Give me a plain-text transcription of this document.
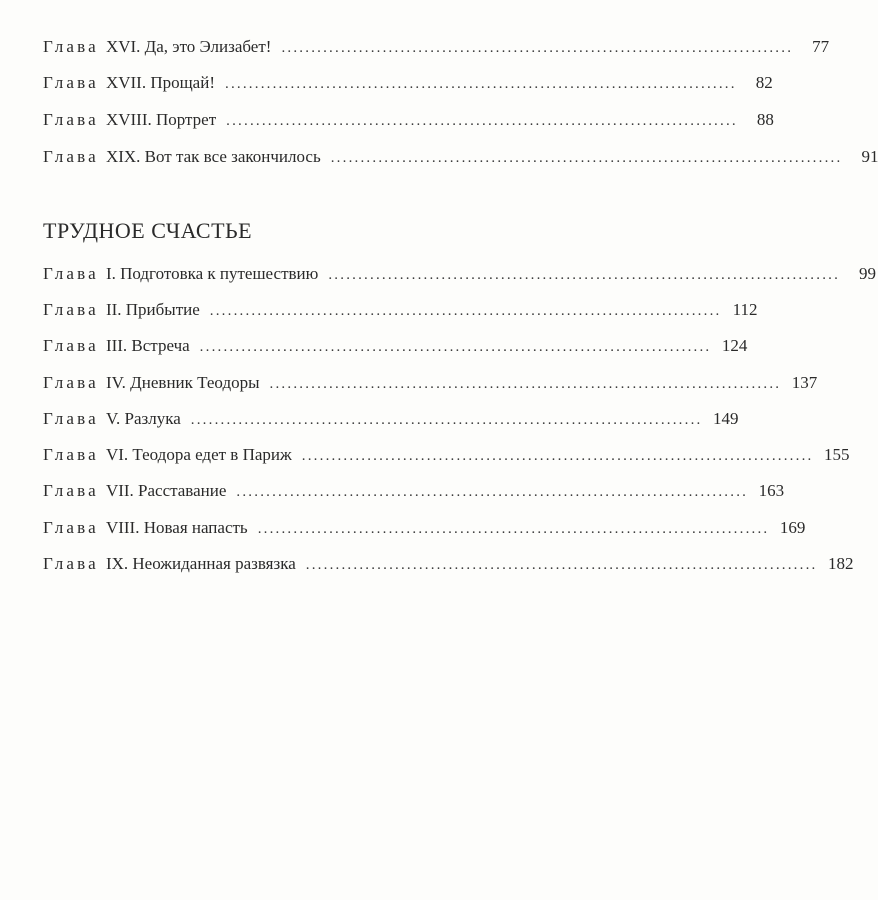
Глава XVI. Да, это Элизабет! ......................................................................................	77
Глава XVII. Прощай! ......................................................................................	82
Глава XVIII. Портрет ......................................................................................	88
Глава XIX. Вот так все закончилось ......................................................................................	91
ТРУДНОЕ СЧАСТЬЕ
Глава I. Подготовка к путешествию ......................................................................................	99
Глава II. Прибытие ...................................................................................... 112
Глава III. Встреча ...................................................................................... 124
Глава IV. Дневник Теодоры ...................................................................................... 137
Глава V. Разлука ...................................................................................... 149
Глава VI. Теодора едет в Париж ...................................................................................... 155
Глава VII. Расставание ...................................................................................... 163
Глава VIII. Новая напасть ...................................................................................... 169
Глава IX. Неожиданная развязка ...................................................................................... 182
